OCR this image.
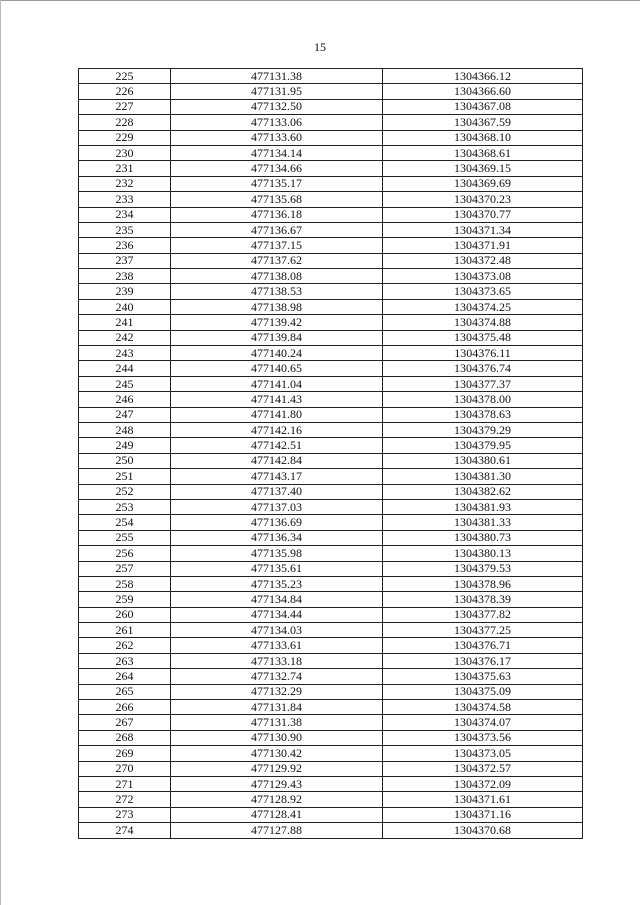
15
225	477131.38	1304366.12
226	477131.95	1304366.60
227	477132.50	1304367.08
228	477133.06	1304367.59
229	477133.60	1304368.10
230	477134.14	1304368.61
231	477134.66	1304369.15
232	477135.17	1304369.69
233	477135.68	1304370.23
234	477136.18	1304370.77
235	477136.67	1304371.34
236	477137.15	1304371.91
237	477137.62	1304372.48
238	477138.08	1304373.08
239	477138.53	1304373.65
240	477138.98	1304374.25
241	477139.42	1304374.88
242	477139.84	1304375.48
243	477140.24	1304376.11
244	477140.65	1304376.74
245	477141.04	1304377.37
246	477141.43	1304378.00
247	477141.80	1304378.63
248	477142.16	1304379.29
249	477142.51	1304379.95
250	477142.84	1304380.61
251	477143.17	1304381.30
252	477137.40	1304382.62
253	477137.03	1304381.93
254	477136.69	1304381.33
255	477136.34	1304380.73
256	477135.98	1304380.13
257	477135.61	1304379.53
258	477135.23	1304378.96
259	477134.84	1304378.39
260	477134.44	1304377.82
261	477134.03	1304377.25
262	477133.61	1304376.71
263	477133.18	1304376.17
264	477132.74	1304375.63
265	477132.29	1304375.09
266	477131.84	1304374.58
267	477131.38	1304374.07
268	477130.90	1304373.56
269	477130.42	1304373.05
270	477129.92	1304372.57
271	477129.43	1304372.09
272	477128.92	1304371.61
273	477128.41	1304371.16
274	477127.88	1304370.68
